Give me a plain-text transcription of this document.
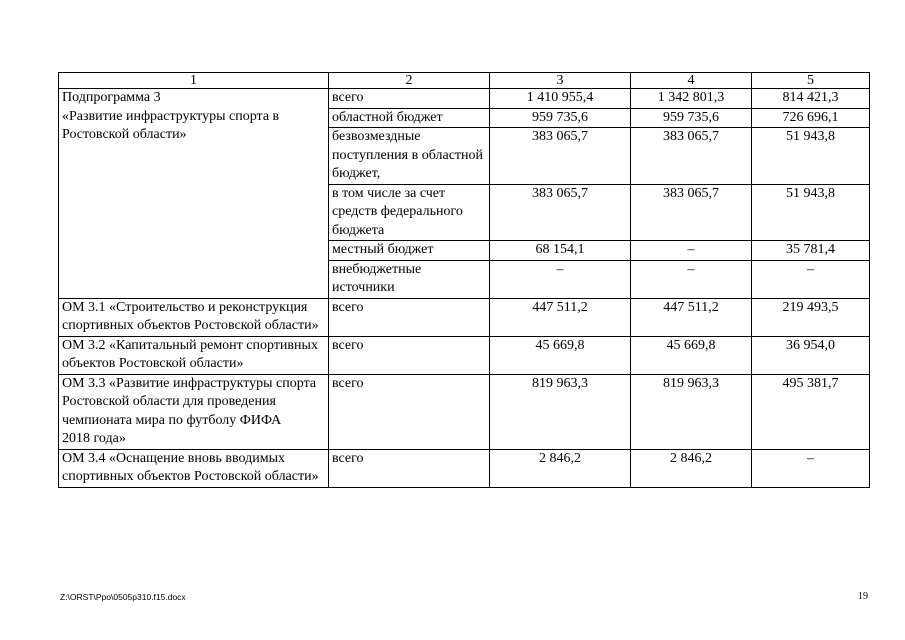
1	2	3	4	5
Подпрограмма 3
«Развитие инфраструктуры спорта в Ростовской области»	всего	1 410 955,4	1 342 801,3	814 421,3
	областной бюджет	959 735,6	959 735,6	726 696,1
	безвозмездные поступления в областной бюджет,	383 065,7	383 065,7	51 943,8
	в том числе за счет средств федерального бюджета	383 065,7	383 065,7	51 943,8
	местный бюджет	68 154,1	–	35 781,4
	внебюджетные источники	–	–	–
ОМ 3.1 «Строительство и реконструкция спортивных объектов Ростовской области»	всего	447 511,2	447 511,2	219 493,5
ОМ 3.2 «Капитальный ремонт спортивных объектов Ростовской области»	всего	45 669,8	45 669,8	36 954,0
ОМ 3.3 «Развитие инфраструктуры спорта Ростовской области для проведения чемпионата мира по футболу ФИФА
2018 года»	всего	819 963,3	819 963,3	495 381,7
ОМ 3.4 «Оснащение вновь вводимых спортивных объектов Ростовской области»	всего	2 846,2	2 846,2	–
Z:\ORST\Ppo\0505p310.f15.docx	19
